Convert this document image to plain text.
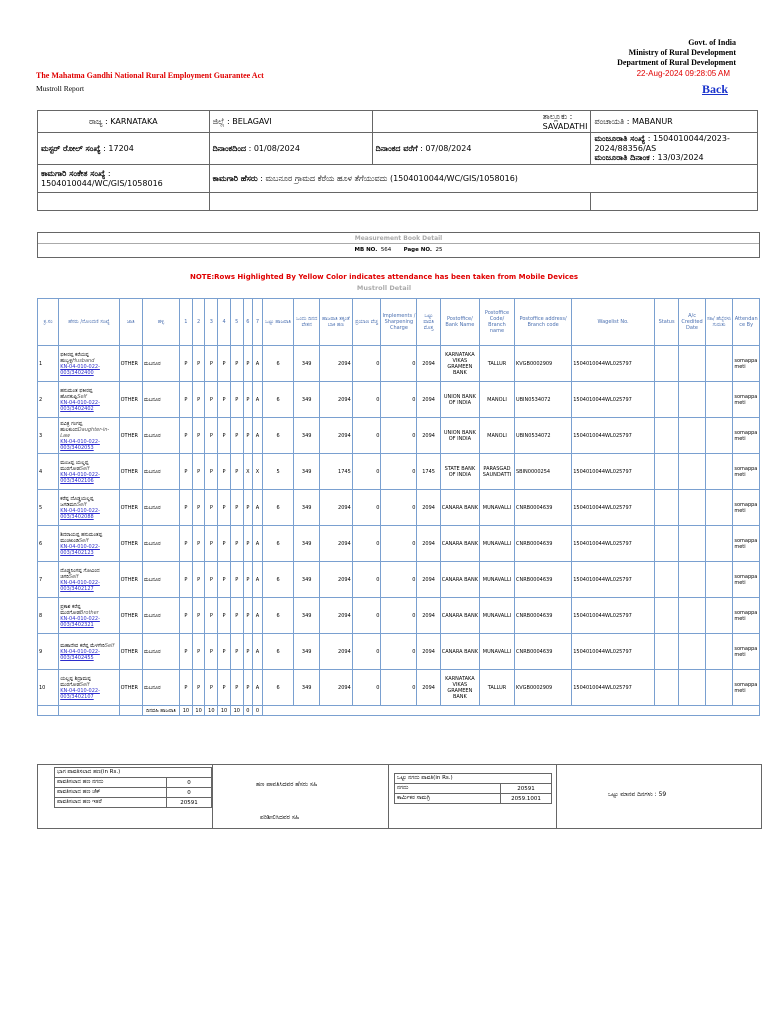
Govt. of India
Ministry of Rural Development
Department of Rural Development
22-Aug-2024 09:28:05 AM
Back
The Mahatma Gandhi National Rural Employment Guarantee Act
Mustroll Report
ರಾಜ್ಯ : KARNATAKA	ಜಿಲ್ಲೆ : BELAGAVI	ತಾಲ್ಲೂಕು : SAVADATHI	ಪಂಚಾಯತಿ : MABANUR
ಮಸ್ಟರ್ ರೋಲ್ ಸಂಖ್ಯೆ : 17204	ದಿನಾಂಕದಿಂದ : 01/08/2024	ದಿನಾಂಕದ ವರೆಗೆ : 07/08/2024	ಮಂಜೂರಾತಿ ಸಂಖ್ಯೆ : 1504010044/2023-2024/88356/AS
ಮಂಜೂರಾತಿ ದಿನಾಂಕ : 13/03/2024
ಕಾಮಗಾರಿ ಸಂಕೇತ ಸಂಖ್ಯೆ :
1504010044/WC/GIS/1058016	ಕಾಮಗಾರಿ ಹೆಸರು : ಮಬನೂರ ಗ್ರಾಮದ ಕೆರೆಯ ಹೂಳ ತೆಗೆಯುವದು (1504010044/WC/GIS/1058016)		

Measurement Book Detail
MB NO. 564 Page NO. 25
NOTE:Rows Highlighted By Yellow Color indicates attendance has been taken from Mobile Devices
Mustroll Detail
ಕ್ರ.ಸಂ	ಹೆಸರು /ನೋಂದಣಿ ಸಂಖ್ಯೆ	ಜಾತಿ	ಹಳ್ಳಿ	1	2	3	4	5	6	7	ಒಟ್ಟು ಹಾಜರಾತಿ	ಒಂದು ದಿನದ ವೇತನ	ಹಾಜರಾತಿ ತಕ್ಕಂತೆ ಬಾಕಿ ಹಣ	ಪ್ರಯಾಣ ವೆಚ್ಚ	Implements / Sharpening Charge	ಒಟ್ಟು ಪಾವತಿ ಮೊತ್ತ	Postoffice/ Bank Name	Postoffice Code/ Branch name	Postoffice address/ Branch code	Wagelist No.	Status	A/c Credited Date	ಸಹಿ/ ಹೆಬ್ಬೆರಳು ಗುರುತು	Attendance By
1	ಫಕೀರಪ್ಪ ಕರೆಯಪ್ಪ ಹುಬ್ಬಳ್ಳಿHusband
KN-04-010-022-003/3402400	OTHER	ಮಬನೂರ	P	P	P	P	P	P	A	6	349	2094	0	0	2094	KARNATAKA VIKAS GRAMEEN BANK	TALLUR	KVGB0002909	1504010044WL025797				somappa meti
2	ಹನುಮಂತ ಫಕೀರಪ್ಪ ಹೊನಕುಪ್ಪಿSelf
KN-04-010-022-003/3402402	OTHER	ಮಬನೂರ	P	P	P	P	P	P	A	6	349	2094	0	0	2094	UNION BANK OF INDIA	MANOLI	UBIN0534072	1504010044WL025797				somappa meti
3	ಪವಿತ್ರ ಗಂಗಪ್ಪ ಹುಲಕುಂದDaughter-in-Law
KN-04-010-022-003/3402053	OTHER	ಮಬನೂರ	P	P	P	P	P	P	A	6	349	2094	0	0	2094	UNION BANK OF INDIA	MANOLI	UBIN0534072	1504010044WL025797				somappa meti
4	ಮಂಜಪ್ಪ ಯಲ್ಲಪ್ಪ ಮುರಗೋಡSelf
KN-04-010-022-003/3402106	OTHER	ಮಬನೂರ	P	P	P	P	P	X	X	5	349	1745	0	0	1745	STATE BANK OF INDIA	PARASGAD SAUNDATTI	SBIN0000254	1504010044WL025797				somappa meti
5	ಕರೆಪ್ಪ ದೊಡ್ಡಯಲ್ಲಪ್ಪ ಜಗಡಿಮನಿSelf
KN-04-010-022-003/3402088	OTHER	ಮಬನೂರ	P	P	P	P	P	P	A	6	349	2094	0	0	2094	CANARA BANK	MUNAVALLI	CNRB0004639	1504010044WL025797				somappa meti
6	ಶಿದರಾಯಪ್ಪ ಹನುಮಂತಪ್ಪ ಮುಚಖಂಡಿSelf
KN-04-010-022-003/3402123	OTHER	ಮಬನೂರ	P	P	P	P	P	P	A	6	349	2094	0	0	2094	CANARA BANK	MUNAVALLI	CNRB0004639	1504010044WL025797				somappa meti
7	ದೊಡ್ಡನಿಂಗಪ್ಪ ಗೋವಿಂದ ಚಿಗರಿSelf
KN-04-010-022-003/3402127	OTHER	ಮಬನೂರ	P	P	P	P	P	P	A	6	349	2094	0	0	2094	CANARA BANK	MUNAVALLI	CNRB0004639	1504010044WL025797				somappa meti
8	ಪ್ರಕಾಶ ಕರೆಪ್ಪ ಮುರಗೋಡBrother
KN-04-010-022-003/3402321	OTHER	ಮಬನೂರ	P	P	P	P	P	P	A	6	349	2094	0	0	2094	CANARA BANK	MUNAVALLI	CNRB0004639	1504010044WL025797				somappa meti
9	ಮಹಾದೇವ ಕರೆಪ್ಪ ಮೆಳಗೇರಿSelf
KN-04-010-022-003/3402455	OTHER	ಮಬನೂರ	P	P	P	P	P	P	A	6	349	2094	0	0	2094	CANARA BANK	MUNAVALLI	CNRB0004639	1504010044WL025797				somappa meti
10	ಯಲ್ಲಪ್ಪ ಶಿದ್ರಾಮಪ್ಪ ಮುರಗೋಡSelf
KN-04-010-022-003/3402107	OTHER	ಮಬನೂರ	P	P	P	P	P	P	A	6	349	2094	0	0	2094	KARNATAKA VIKAS GRAMEEN BANK	TALLUR	KVGB0002909	1504010044WL025797				somappa meti
			ದಿನವಹಿ ಹಾಜರಾತಿ	10	10	10	10	10	0	0														
ಭಾಗ ಪಾವತಿಸಲಾದ ಹಣ(in Rs.)	
ಪಾವತಿಸಲಾದ ಹಣ ನಗದು	0
ಪಾವತಿಸಲಾದ ಹಣ ಚೆಕ್	0
ಪಾವತಿಸಲಾದ ಹಣ ಇತರೆ	20591
ಹಣ ಪಾವತಿಸಿದವರ ಹೆಸರು ಸಹಿ
ಪರಿಶೀಲಿಸಿದವರ ಸಹಿ
ಒಟ್ಟು ನಗದು ಪಾವತಿ(in Rs.)	
ನಗದು	20591
ಕಾರ್ಮಿಕರ ಸಾಮಗ್ರಿ	2059.1001
ಒಟ್ಟು ಮಾನವ ದಿನಗಳು : 59
